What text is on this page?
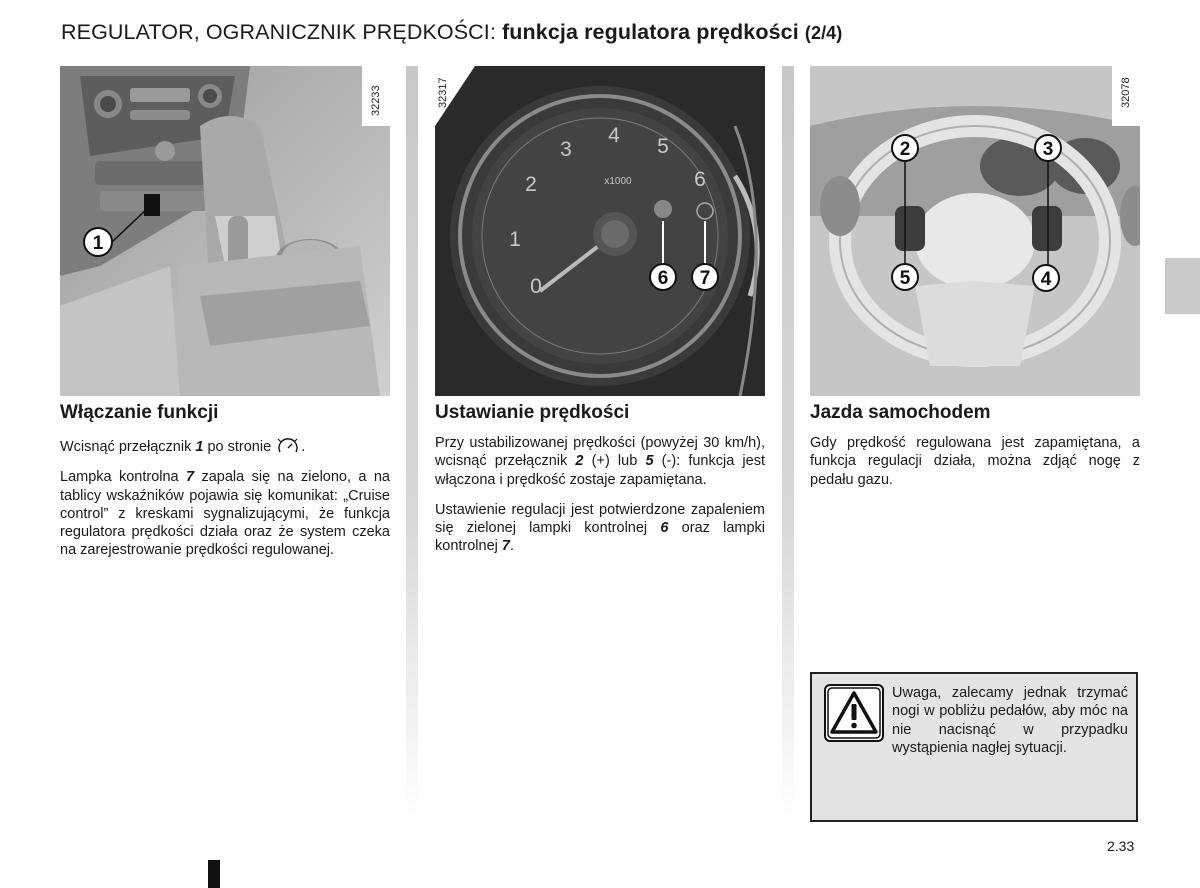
REGULATOR, OGRANICZNIK PRĘDKOŚCI: funkcja regulatora prędkości (2/4)
1
32233
0
1
2
3
4 5
6
x1000
6 7
32317
2	3
5	4
32078
Włączanie funkcji

Wcisnąć przełącznik 1 po stronie .

Lampka kontrolna 7 zapala się na zielono, a na tablicy wskaźników pojawia się komunikat: „Cruise control” z kreskami sygnalizującymi, że funkcja regulatora prędkości działa oraz że system czeka na zarejestrowanie prędkości regulowanej.

Ustawianie prędkości

Przy ustabilizowanej prędkości (powyżej 30 km/h), wcisnąć przełącznik 2 (+) lub 5 (-): funkcja jest włączona i prędkość zostaje zapamiętana.

Ustawienie regulacji jest potwierdzone zapaleniem się zielonej lampki kontrolnej 6 oraz lampki kontrolnej 7.

Jazda samochodem

Gdy prędkość regulowana jest zapamiętana, a funkcja regulacji działa, można zdjąć nogę z pedału gazu.

Uwaga, zalecamy jednak trzymać nogi w pobliżu pedałów, aby móc na nie nacisnąć w przypadku wystąpienia nagłej sytuacji.
2.33
